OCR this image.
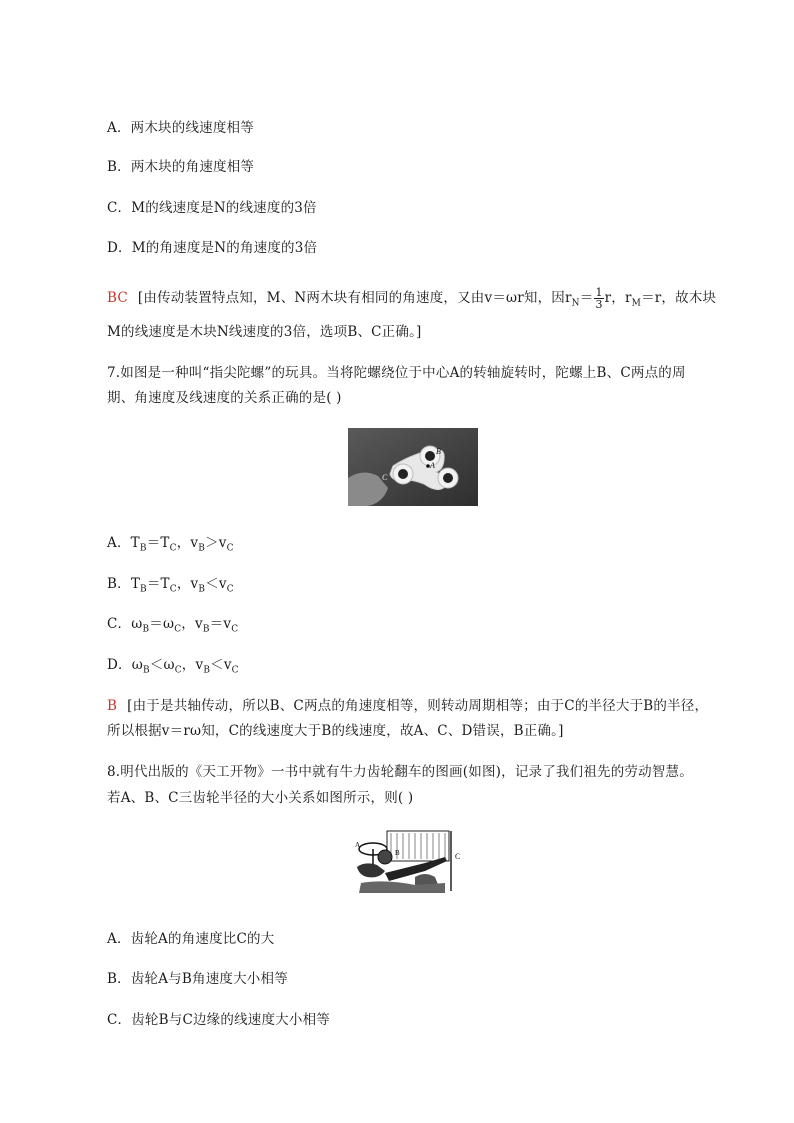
A．两木块的线速度相等
B．两木块的角速度相等
C．M的线速度是N的线速度的3倍
D．M的角速度是N的角速度的3倍
BC [由传动装置特点知，M、N两木块有相同的角速度，又由v＝ωr知，因$r_N= \frac{1}{3}$ r，$r_M=r$，故木块
M的线速度是木块N线速度的3倍，选项B、C正确。]
7.如图是一种叫“指尖陀螺”的玩具。当将陀螺绕位于中心A的转轴旋转时，陀螺上B、C两点的周
期、角速度及线速度的关系正确的是( )
A
B
C
A．$T_B=T_C$，$v_B>v_C$
B．$T_B=T_C$，$v_B<v_C$
C．$\omega_B=\omega_C$，$v_B=v_C$
D．$\omega_B<\omega_C$，$v_B<v_C$
B [由于是共轴传动，所以B、C两点的角速度相等，则转动周期相等；由于C的半径大于B的半径，
所以根据v＝rω知，C的线速度大于B的线速度，故A、C、D错误，B正确。]
8.明代出版的《天工开物》一书中就有牛力齿轮翻车的图画(如图)，记录了我们祖先的劳动智慧。
若A、B、C三齿轮半径的大小关系如图所示，则( )
A
B	C
A．齿轮A的角速度比C的大
B．齿轮A与B角速度大小相等
C．齿轮B与C边缘的线速度大小相等
